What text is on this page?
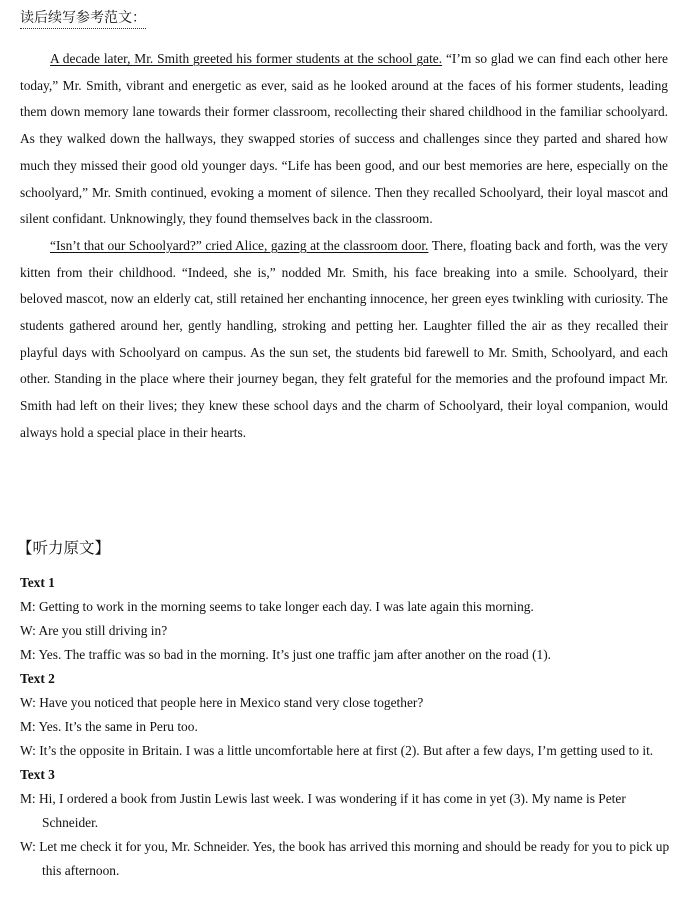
读后续写参考范文：

A decade later, Mr. Smith greeted his former students at the school gate. “I’m so glad we can find each other here today,” Mr. Smith, vibrant and energetic as ever, said as he looked around at the faces of his former students, leading them down memory lane towards their former classroom, recollecting their shared childhood in the familiar schoolyard. As they walked down the hallways, they swapped stories of success and challenges since they parted and shared how much they missed their good old younger days. “Life has been good, and our best memories are here, especially on the schoolyard,” Mr. Smith continued, evoking a moment of silence. Then they recalled Schoolyard, their loyal mascot and silent confidant. Unknowingly, they found themselves back in the classroom.

“Isn’t that our Schoolyard?” cried Alice, gazing at the classroom door. There, floating back and forth, was the very kitten from their childhood. “Indeed, she is,” nodded Mr. Smith, his face breaking into a smile. Schoolyard, their beloved mascot, now an elderly cat, still retained her enchanting innocence, her green eyes twinkling with curiosity. The students gathered around her, gently handling, stroking and petting her. Laughter filled the air as they recalled their playful days with Schoolyard on campus. As the sun set, the students bid farewell to Mr. Smith, Schoolyard, and each other. Standing in the place where their journey began, they felt grateful for the memories and the profound impact Mr. Smith had left on their lives; they knew these school days and the charm of Schoolyard, their loyal companion, would always hold a special place in their hearts.

【听力原文】

Text 1

M: Getting to work in the morning seems to take longer each day. I was late again this morning.

W: Are you still driving in?

M: Yes. The traffic was so bad in the morning. It’s just one traffic jam after another on the road (1).

Text 2

W: Have you noticed that people here in Mexico stand very close together?

M: Yes. It’s the same in Peru too.

W: It’s the opposite in Britain. I was a little uncomfortable here at first (2). But after a few days, I’m getting used to it.

Text 3

M: Hi, I ordered a book from Justin Lewis last week. I was wondering if it has come in yet (3). My name is Peter Schneider.

W: Let me check it for you, Mr. Schneider. Yes, the book has arrived this morning and should be ready for you to pick up this afternoon.
